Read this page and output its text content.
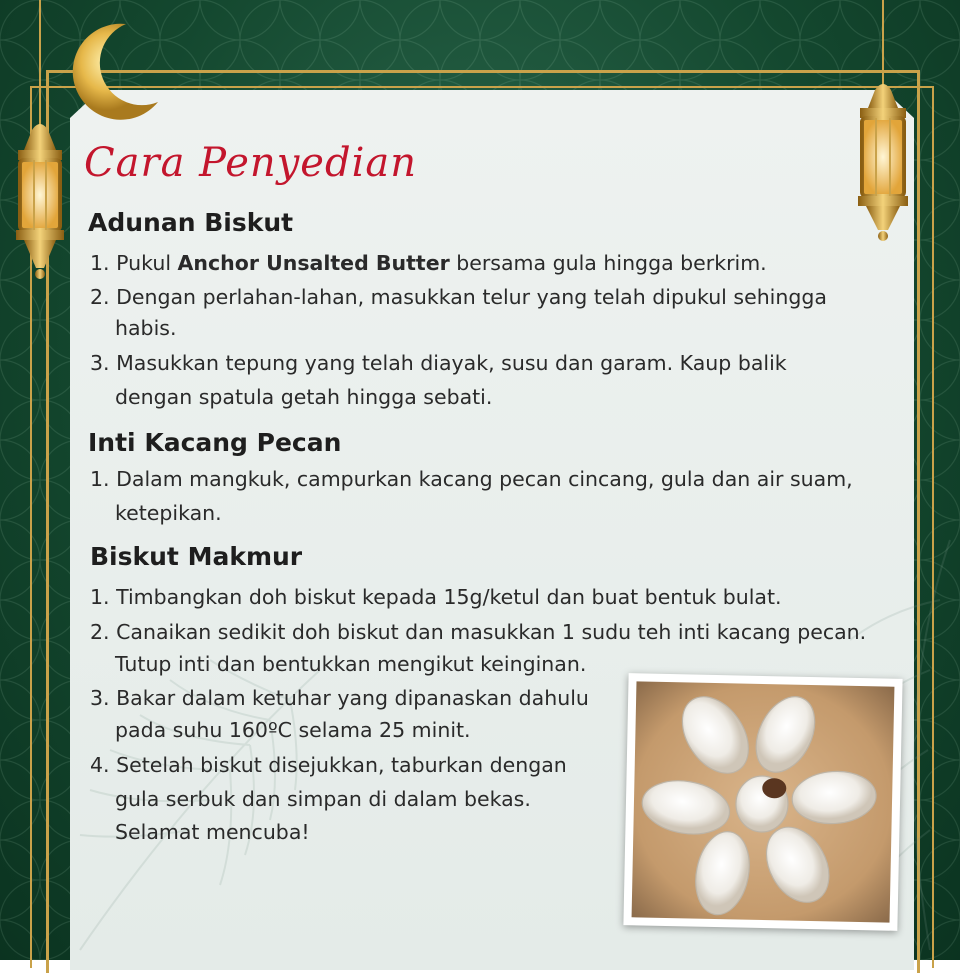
Cara Penyedian
Adunan Biskut
1. Pukul Anchor Unsalted Butter bersama gula hingga berkrim.
2. Dengan perlahan-lahan, masukkan telur yang telah dipukul sehingga
habis.
3. Masukkan tepung yang telah diayak, susu dan garam. Kaup balik
dengan spatula getah hingga sebati.
Inti Kacang Pecan
1. Dalam mangkuk, campurkan kacang pecan cincang, gula dan air suam,
ketepikan.
Biskut Makmur
1. Timbangkan doh biskut kepada 15g/ketul dan buat bentuk bulat.
2. Canaikan sedikit doh biskut dan masukkan 1 sudu teh inti kacang pecan.
Tutup inti dan bentukkan mengikut keinginan.
3. Bakar dalam ketuhar yang dipanaskan dahulu
pada suhu 160ºC selama 25 minit.
4. Setelah biskut disejukkan, taburkan dengan
gula serbuk dan simpan di dalam bekas.
Selamat mencuba!
